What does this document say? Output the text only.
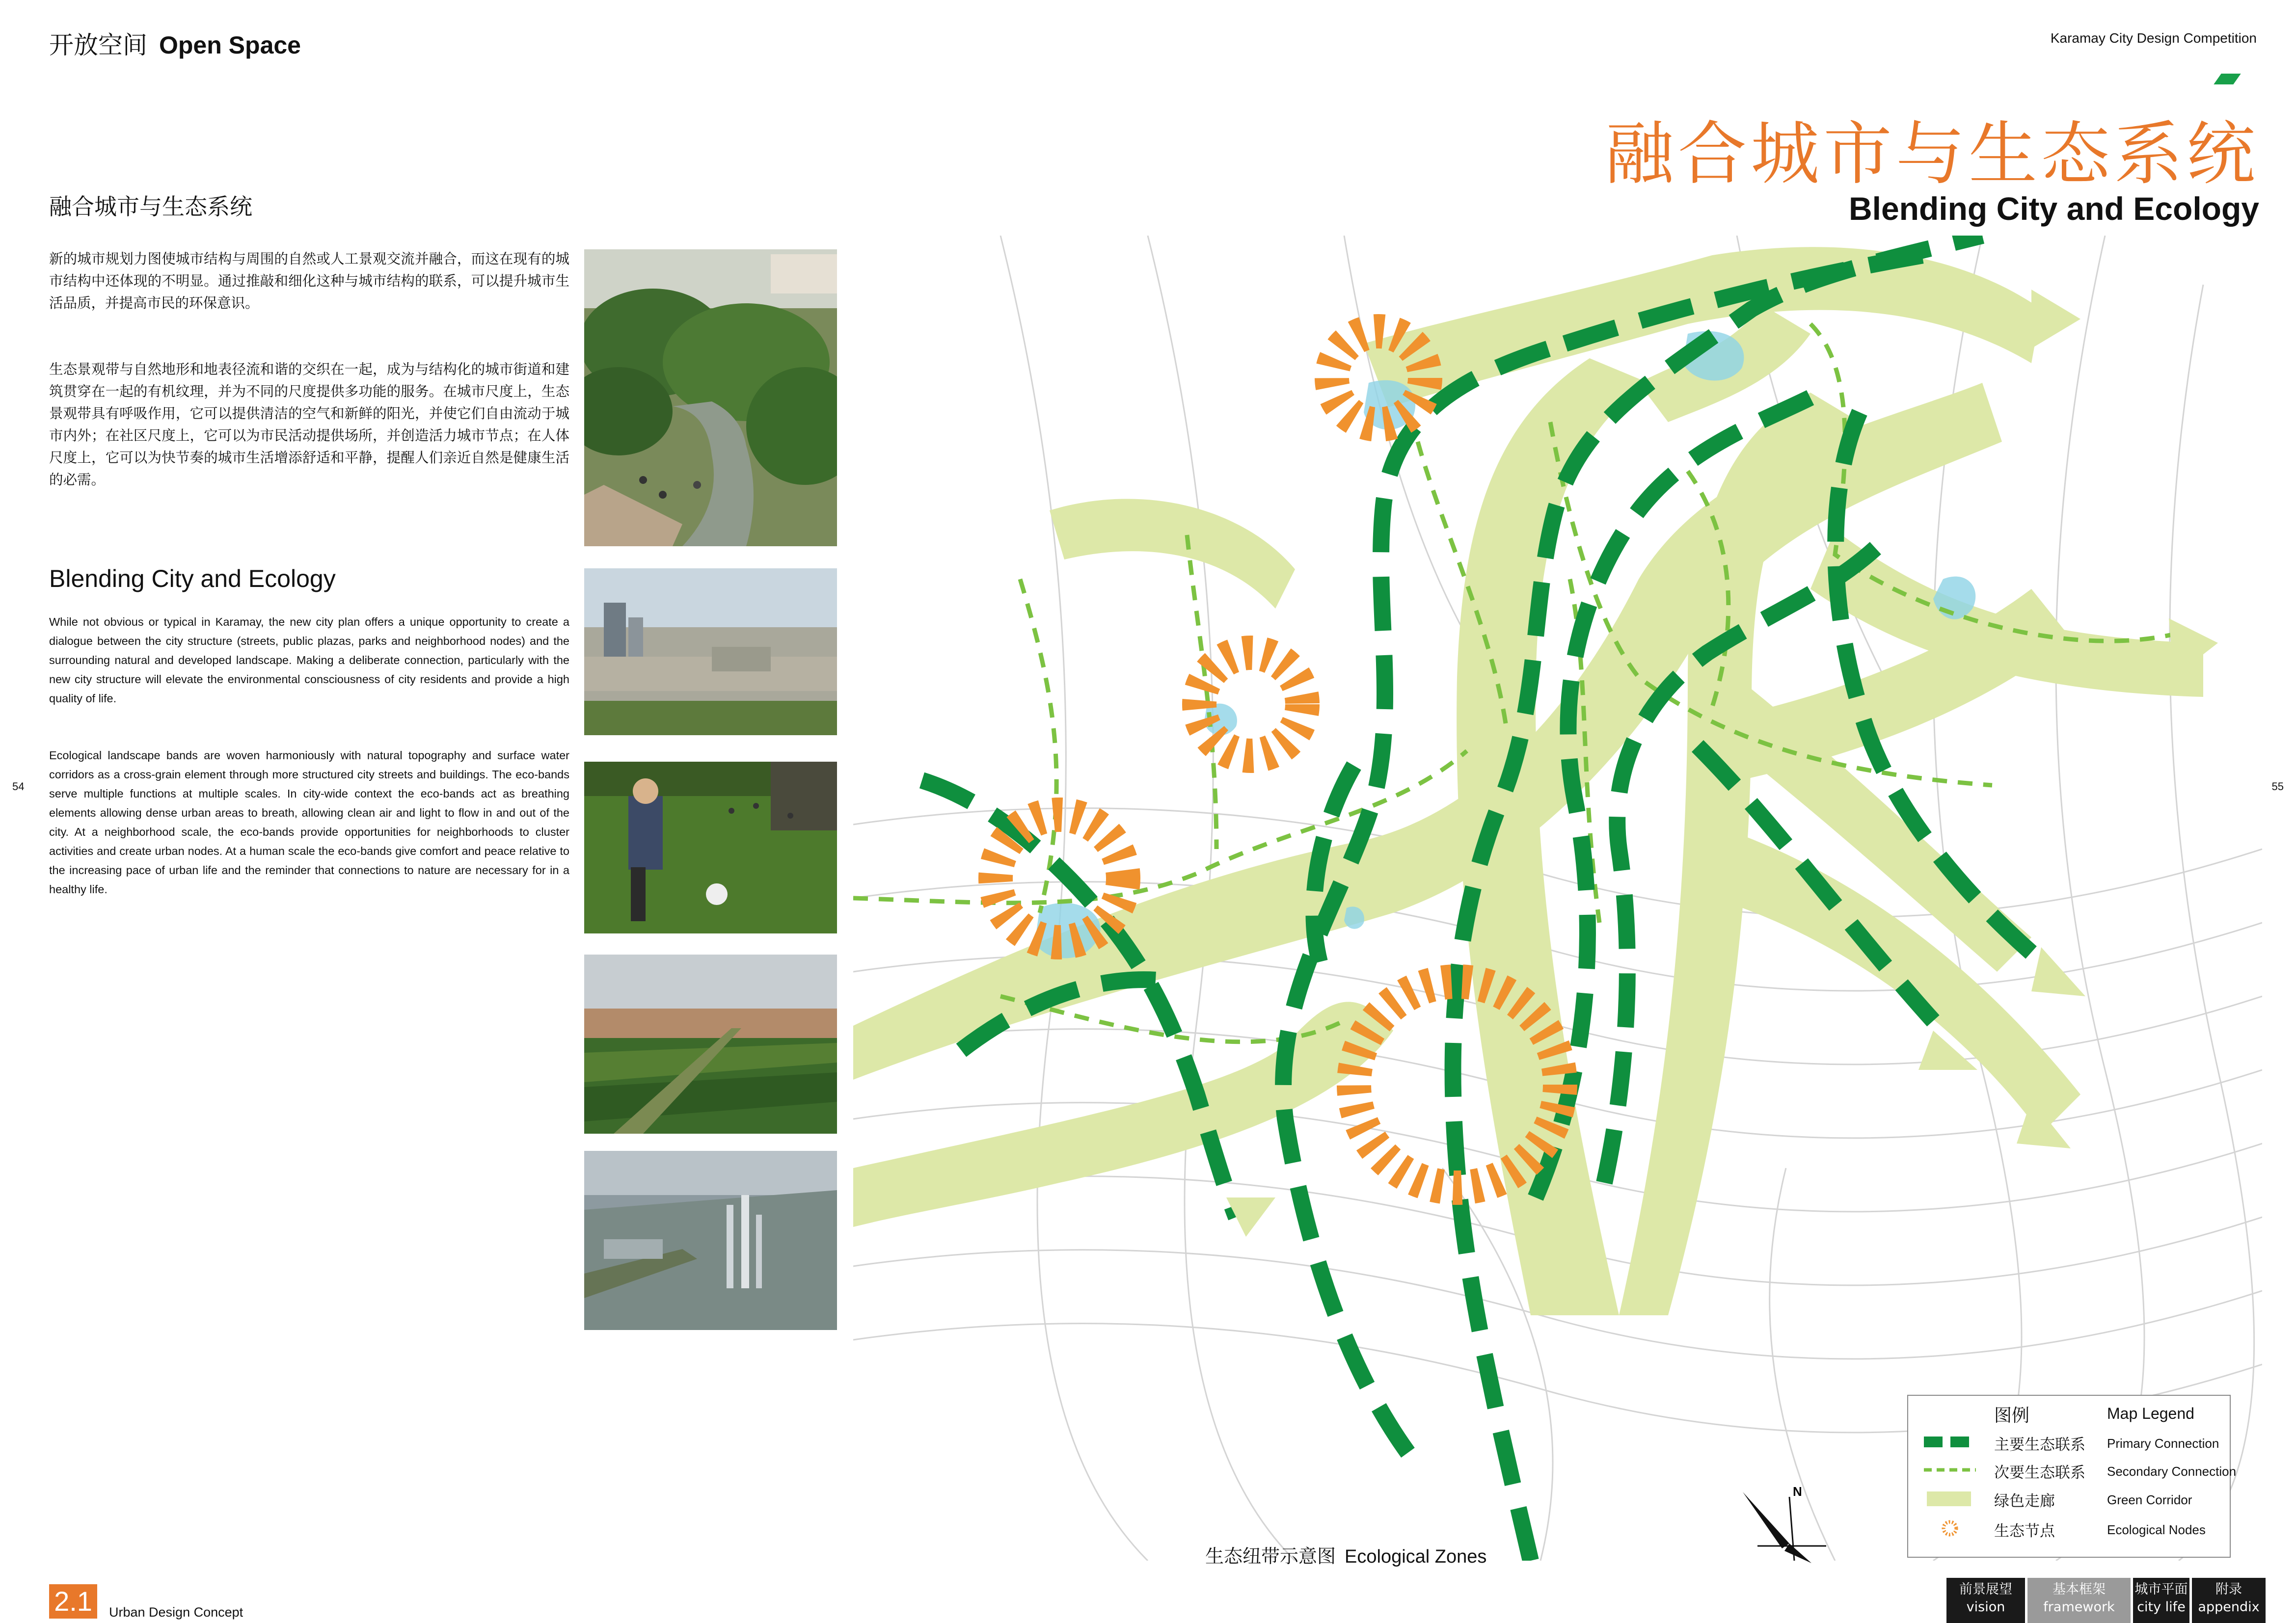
开放空间 Open Space	Karamay City Design Competition
融合城市与生态系统
Blending City and Ecology
融合城市与生态系统
新的城市规划力图使城市结构与周围的自然或人工景观交流并融合，而这在现有的城市结构中还体现的不明显。通过推敲和细化这种与城市结构的联系，可以提升城市生活品质，并提高市民的环保意识。
生态景观带与自然地形和地表径流和谐的交织在一起，成为与结构化的城市街道和建筑贯穿在一起的有机纹理，并为不同的尺度提供多功能的服务。在城市尺度上，生态景观带具有呼吸作用，它可以提供清洁的空气和新鲜的阳光，并使它们自由流动于城市内外；在社区尺度上，它可以为市民活动提供场所，并创造活力城市节点；在人体尺度上，它可以为快节奏的城市生活增添舒适和平静，提醒人们亲近自然是健康生活的必需。
Blending City and Ecology
While not obvious or typical in Karamay, the new city plan offers a unique opportunity to create a dialogue between the city structure (streets, public plazas, parks and neighborhood nodes) and the surrounding natural and developed landscape. Making a deliberate connection, particularly with the new city structure will elevate the environmental consciousness of city residents and provide a high quality of life.
Ecological landscape bands are woven harmoniously with natural topography and surface water corridors as a cross-grain element through more structured city streets and buildings. The eco-bands serve multiple functions at multiple scales. In city-wide context the eco-bands act as breathing elements allowing dense urban areas to breath, allowing clean air and light to flow in and out of the city. At a neighborhood scale, the eco-bands provide opportunities for neighborhoods to cluster activities and create urban nodes. At a human scale the eco-bands give comfort and peace relative to the increasing pace of urban life and the reminder that connections to nature are necessary for in a healthy life.
54	55
图例	Map Legend
主要生态联系 Primary Connection
次要生态联系 Secondary Connection
绿色走廊	Green Corridor
生态节点	Ecological Nodes
N
生态纽带示意图 Ecological Zones
2.1	Urban Design Concept
前景展望
vision
基本框架
framework
城市平面
city life
附录
appendix
